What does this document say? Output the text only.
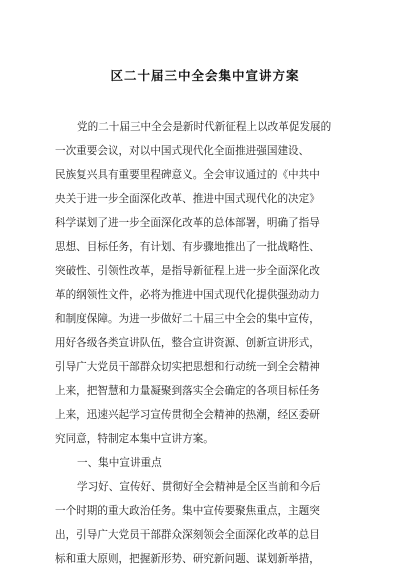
区二十届三中全会集中宣讲方案
党的二十届三中全会是新时代新征程上以改革促发展的
一次重要会议，对以中国式现代化全面推进强国建设、
民族复兴具有重要里程碑意义。全会审议通过的《中共中
央关于进一步全面深化改革、推进中国式现代化的决定》
科学谋划了进一步全面深化改革的总体部署，明确了指导
思想、目标任务，有计划、有步骤地推出了一批战略性、
突破性、引领性改革，是指导新征程上进一步全面深化改
革的纲领性文件，必将为推进中国式现代化提供强劲动力
和制度保障。为进一步做好二十届三中全会的集中宣传，
用好各级各类宣讲队伍，整合宣讲资源、创新宣讲形式，
引导广大党员干部群众切实把思想和行动统一到全会精神
上来，把智慧和力量凝聚到落实全会确定的各项目标任务
上来，迅速兴起学习宣传贯彻全会精神的热潮，经区委研
究同意，特制定本集中宣讲方案。
一、集中宣讲重点
学习好、宣传好、贯彻好全会精神是全区当前和今后
一个时期的重大政治任务。集中宣传要聚焦重点，主题突
出，引导广大党员干部群众深刻领会全面深化改革的总目
标和重大原则，把握新形势、研究新问题、谋划新举措，
